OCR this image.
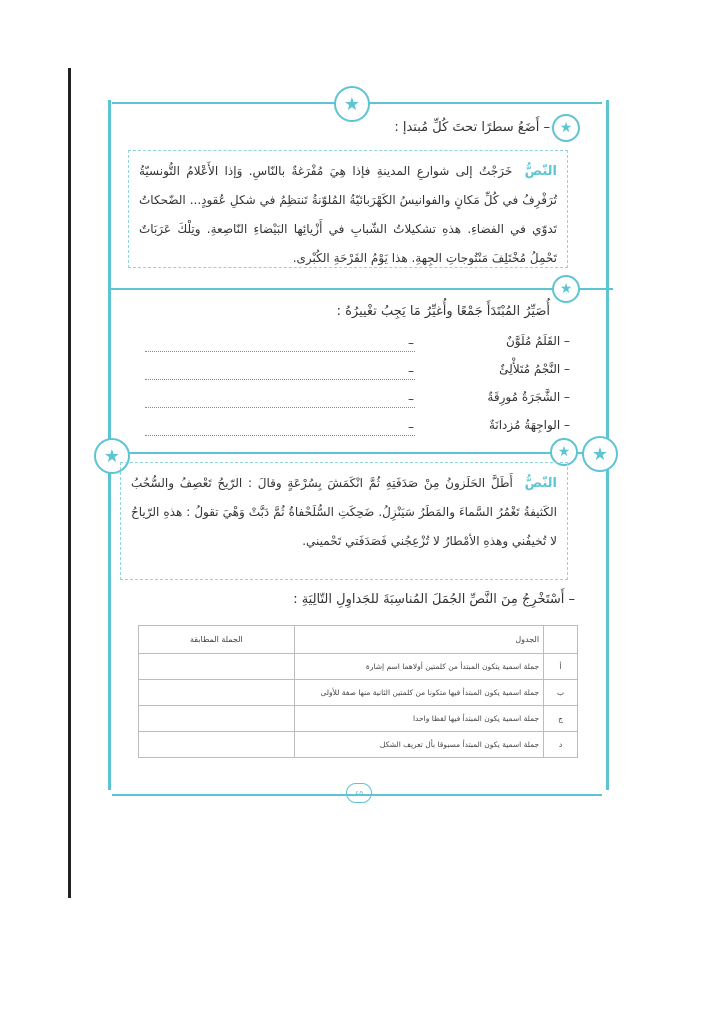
★
★
★
★	★
★
– أَضَعُ سطرًا تحتَ كُلِّ مُبتدإ :
النّصُّ خَرَجْتُ إلى شوارعِ المدينةِ فإذا هِيَ مُفْرَغةٌ بالنّاسِ. وَإذا الأَعْلامُ التُّونسيّةُ تُرَفْرِفُ في كُلِّ مَكانٍ والفوانيسُ الكَهْرَبائيّةُ المُلوّنةُ تَنتظِمُ في شكلِ عُقودٍ... الضّحكاتُ تَدوّي في الفضاءِ. هذهِ تشكيلاتُ الشّبابِ في أَزْيائِها البَيْضاءِ النّاصِعةِ. وتِلْكَ عَرَبَاتٌ تَحْمِلُ مُخْتَلِفَ مَنْتُوجاتِ الجِهةِ. هذا يَوْمُ الفَرْحَةِ الكُبْرى.
أُصَيِّرُ المُبْتَدَأَ جَمْعًا وأُغيِّرُ مَا يَجِبُ تغْييرُهُ :
– القَلَمُ مُلَوَّنٌ
– النَّجْمُ مُتَلأْلِئٌ
– الشَّجَرَةُ مُورِقَةٌ
– الواجِهَةُ مُزدانَةٌ
–
–
–
–
النّصُّ أَطَلَّ الحَلَزونُ مِنْ صَدَفَتِهِ ثُمَّ انْكَمَشَ بِسُرْعَةٍ وقالَ : الرّيحُ تَعْصِفُ والسُّحُبُ الكَثيفةُ تَغْمُرُ السَّماءَ والمَطَرُ سَيَنْزِلُ. ضَحِكَتِ السُّلَحْفاةُ ثُمَّ دَبَّتْ وَهْيَ تقولُ : هذهِ الرّياحُ لا تُخيفُني وهذهِ الأمْطارُ لا تُزْعِجُني فَصَدَفَتي تَحْميني.
– أَسْتَخْرِجُ مِنَ النَّصِّ الجُمَلَ المُناسِبَةَ للجَداوِلِ التّالِيَةِ :
	الجدول	الجملة المطابقة
أ	جملة اسمية يتكون المبتدأ من كلمتين أولاهما اسم إشارة	
ب	جملة اسمية يكون المبتدأ فيها متكونا من كلمتين الثانية منها صفة للأولى	
ج	جملة اسمية يكون المبتدأ فيها لفظا واحدا	
د	جملة اسمية يكون المبتدأ مسبوقا بأل تعريف الشكل	
٤٥
